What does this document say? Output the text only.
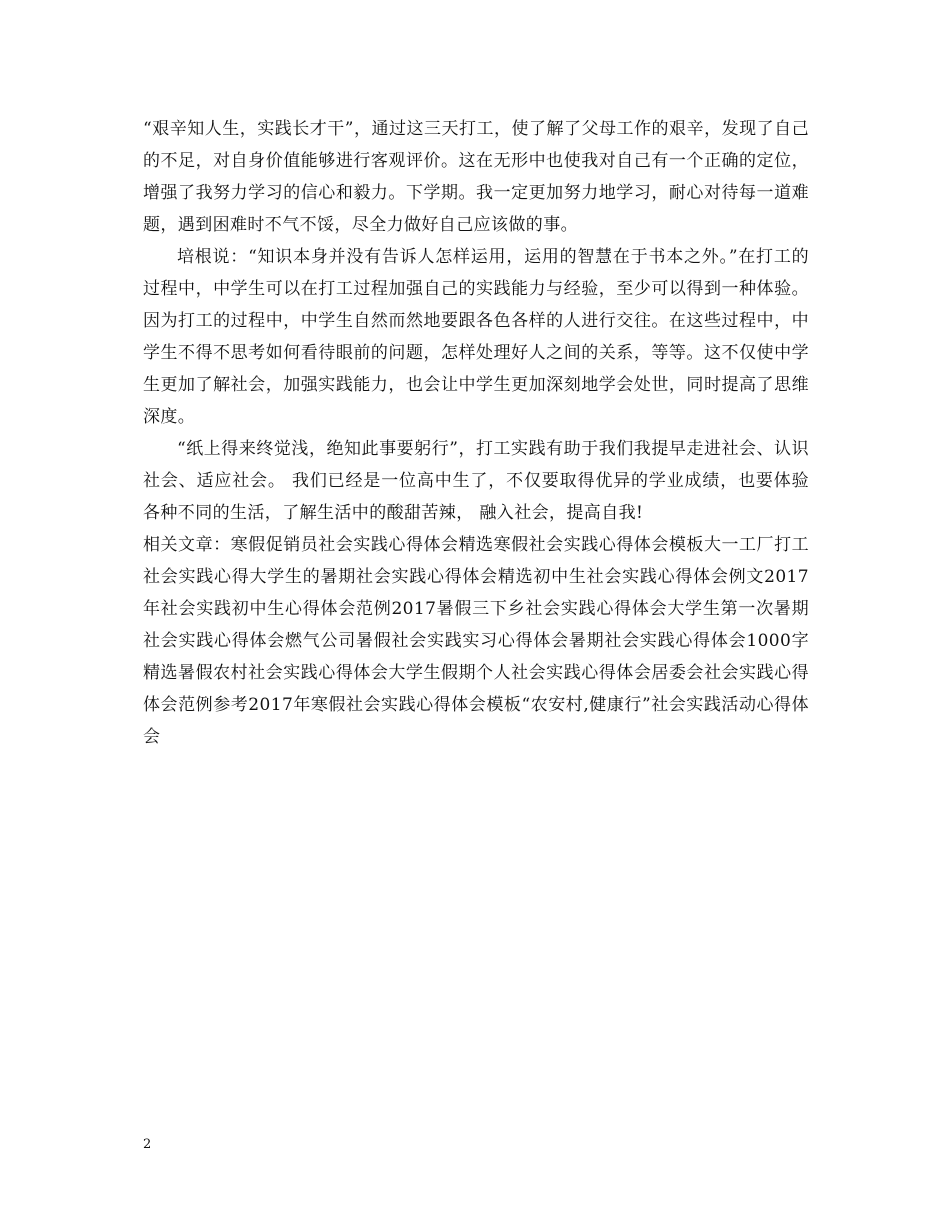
“艰辛知人生，实践长才干”，通过这三天打工，使了解了父母工作的艰辛，发现了自己的不足，对自身价值能够进行客观评价。这在无形中也使我对自己有一个正确的定位，增强了我努力学习的信心和毅力。下学期。我一定更加努力地学习，耐心对待每一道难题，遇到困难时不气不馁，尽全力做好自己应该做的事。

培根说：“知识本身并没有告诉人怎样运用，运用的智慧在于书本之外。”在打工的过程中，中学生可以在打工过程加强自己的实践能力与经验，至少可以得到一种体验。因为打工的过程中，中学生自然而然地要跟各色各样的人进行交往。在这些过程中，中学生不得不思考如何看待眼前的问题，怎样处理好人之间的关系，等等。这不仅使中学生更加了解社会，加强实践能力，也会让中学生更加深刻地学会处世，同时提高了思维深度。

“纸上得来终觉浅，绝知此事要躬行”，打工实践有助于我们我提早走进社会、认识社会、适应社会。 我们已经是一位高中生了，不仅要取得优异的学业成绩，也要体验各种不同的生活，了解生活中的酸甜苦辣， 融入社会，提高自我!

相关文章：寒假促销员社会实践心得体会精选寒假社会实践心得体会模板大一工厂打工社会实践心得大学生的暑期社会实践心得体会精选初中生社会实践心得体会例文2017年社会实践初中生心得体会范例2017暑假三下乡社会实践心得体会大学生第一次暑期社会实践心得体会燃气公司暑假社会实践实习心得体会暑期社会实践心得体会1000字精选暑假农村社会实践心得体会大学生假期个人社会实践心得体会居委会社会实践心得体会范例参考2017年寒假社会实践心得体会模板“农安村,健康行”社会实践活动心得体会

2
